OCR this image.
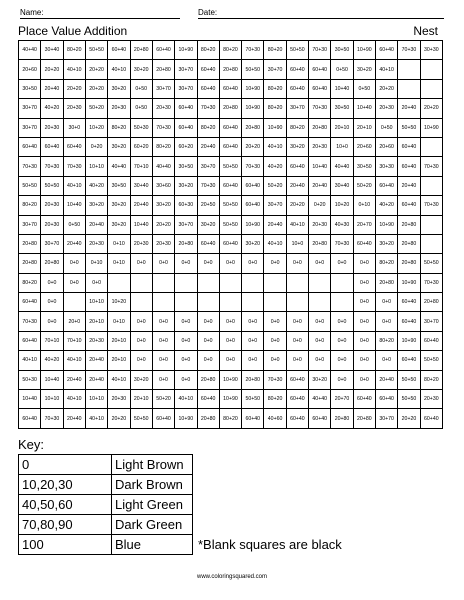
Name:	Date:
Place Value Addition	Nest
40+40	30+40	80+20	50+50	60+40	20+80	60+40	10+90	80+20	80+20	70+30	80+20	50+50	70+30	30+50	10+90	60+40	70+30	30+30
20+60	20+20	40+10	20+20	40+10	30+20	20+80	30+70	60+40	20+80	50+50	30+70	60+40	60+40	0+50	30+20	40+10		
30+50	20+40	20+20	20+20	30+20	0+50	30+70	30+70	60+40	60+40	10+90	80+20	60+40	60+40	10+40	0+50	20+20		
30+70	40+20	20+30	50+20	20+30	0+50	20+30	60+40	70+30	20+80	10+90	80+20	30+70	70+30	30+50	10+40	20+30	20+40	20+20
30+70	20+30	30+0	10+20	80+20	50+30	70+30	60+40	80+20	60+40	20+80	10+90	80+20	20+80	20+10	20+10	0+50	50+50	10+90
60+40	60+40	60+40	0+20	30+20	60+20	80+20	60+20	20+40	60+40	20+20	40+10	30+20	20+30	10+0	20+60	20+60	60+40	
70+30	70+30	70+30	10+10	40+40	70+10	40+40	30+50	30+70	50+50	70+30	40+20	60+40	10+40	40+40	30+50	30+30	60+40	70+30
50+50	50+50	40+10	40+20	30+50	30+40	30+60	30+20	70+30	60+40	60+40	50+20	20+40	20+40	30+40	50+20	60+40	20+40	
80+20	20+30	10+40	30+20	30+20	20+40	30+20	60+30	20+50	50+50	60+40	30+70	20+20	0+20	10+20	0+10	40+20	60+40	70+30
30+70	20+30	0+50	20+40	30+20	10+40	20+20	30+70	30+20	50+50	10+90	20+40	40+10	20+30	40+30	20+70	10+90	20+80	
20+80	30+70	20+40	20+30	0+10	20+30	20+30	20+80	60+40	60+40	30+20	40+10	10+0	20+80	70+30	60+40	30+20	20+80	
20+80	20+80	0+0	0+10	0+10	0+0	0+0	0+0	0+0	0+0	0+0	0+0	0+0	0+0	0+0	0+0	80+20	20+80	50+50
80+20	0+0	0+0	0+0												0+0	20+80	10+90	70+30
60+40	0+0		10+10	10+20											0+0	0+0	60+40	20+80
70+30	0+0	20+0	20+10	0+10	0+0	0+0	0+0	0+0	0+0	0+0	0+0	0+0	0+0	0+0	0+0	0+0	60+40	30+70
60+40	70+10	70+10	20+30	20+10	0+0	0+0	0+0	0+0	0+0	0+0	0+0	0+0	0+0	0+0	0+0	80+20	10+90	60+40
40+10	40+20	40+10	20+40	20+10	0+0	0+0	0+0	0+0	0+0	0+0	0+0	0+0	0+0	0+0	0+0	0+0	60+40	50+50
50+30	10+40	20+40	20+40	40+10	30+20	0+0	0+0	20+80	10+90	20+80	70+30	60+40	30+20	0+0	0+0	20+40	50+50	80+20
10+40	10+10	40+10	10+10	20+30	20+10	50+20	40+10	60+40	10+90	50+50	80+20	60+40	40+40	20+70	60+40	60+40	50+50	20+30
60+40	70+30	20+40	40+10	20+20	50+50	60+40	10+90	20+80	80+20	60+40	40+60	60+40	60+40	20+80	20+80	30+70	20+20	60+40
Key:
0	Light Brown
10,20,30	Dark Brown
40,50,60	Light Green
70,80,90	Dark Green
100	Blue	*Blank squares are black
www.coloringsquared.com
